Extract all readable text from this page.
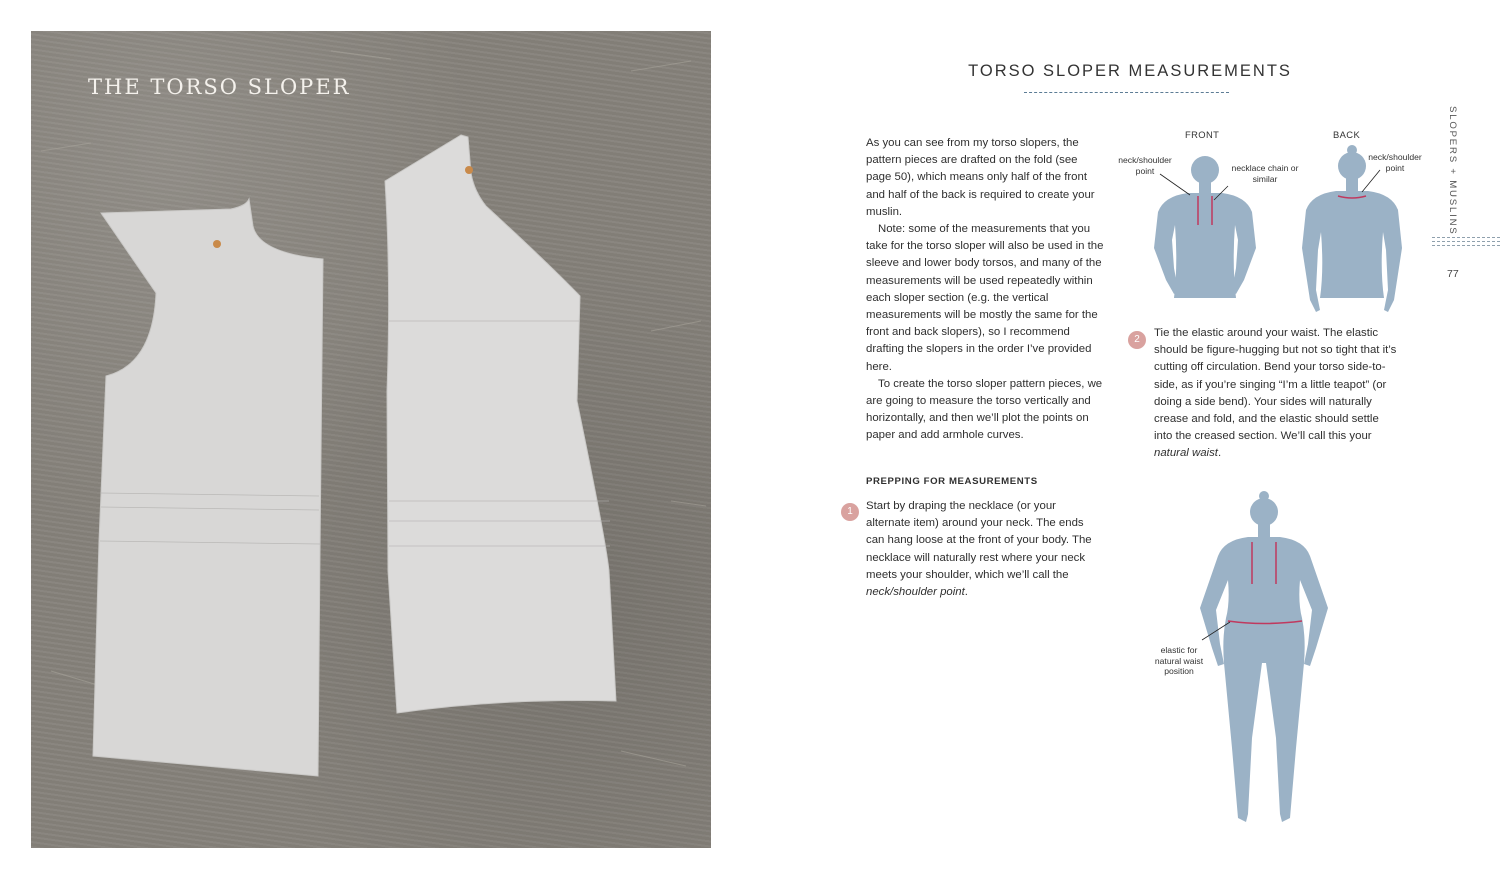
THE TORSO SLOPER
TORSO SLOPER MEASUREMENTS

As you can see from my torso slopers, the pattern pieces are drafted on the fold (see page 50), which means only half of the front and half of the back is required to create your muslin.

Note: some of the measurements that you take for the torso sloper will also be used in the sleeve and lower body torsos, and many of the measurements will be used repeatedly within each sloper section (e.g. the vertical measurements will be mostly the same for the front and back slopers), so I recommend drafting the slopers in the order I’ve provided here.

To create the torso sloper pattern pieces, we are going to measure the torso vertically and horizontally, and then we’ll plot the points on paper and add armhole curves.

PREPPING FOR MEASUREMENTS
1	Start by draping the necklace (or your alternate item) around your neck. The ends can hang loose at the front of your body. The necklace will naturally rest where your neck meets your shoulder, which we’ll call the neck/shoulder point.
2
Tie the elastic around your waist. The elastic should be figure-hugging but not so tight that it’s cutting off circulation. Bend your torso side-to-side, as if you’re singing “I’m a little teapot” (or doing a side bend). Your sides will naturally crease and fold, and the elastic should settle into the creased section. We’ll call this your natural waist.
FRONT	BACK
neck/shoulder point	necklace chain or similar
neck/shoulder point
elastic for natural waist position
SLOPERS + MUSLINS
77
